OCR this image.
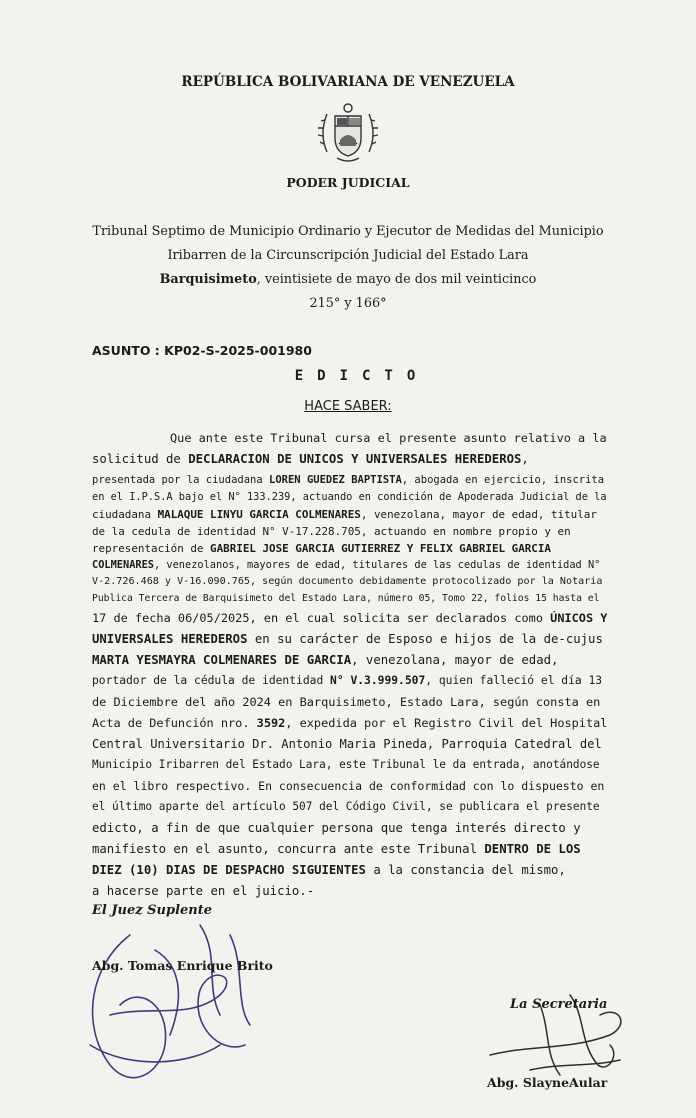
REPÚBLICA BOLIVARIANA DE VENEZUELA
PODER JUDICIAL
Tribunal Septimo de Municipio Ordinario y Ejecutor de Medidas del Municipio
Iribarren de la Circunscripción Judicial del Estado Lara
Barquisimeto, veintisiete de mayo de dos mil veinticinco
215° y 166°
ASUNTO : KP02-S-2025-001980
EDICTO
HACE SABER:
Que ante este Tribunal cursa el presente asunto relativo a la
solicitud de DECLARACION DE UNICOS Y UNIVERSALES HEREDEROS,
presentada por la ciudadana LOREN GUEDEZ BAPTISTA, abogada en ejercicio, inscrita
en el I.P.S.A bajo el N° 133.239, actuando en condición de Apoderada Judicial de la
ciudadana MALAQUE LINYU GARCIA COLMENARES, venezolana, mayor de edad, titular
de la cedula de identidad N° V-17.228.705, actuando en nombre propio y en
representación de GABRIEL JOSE GARCIA GUTIERREZ Y FELIX GABRIEL GARCIA
COLMENARES, venezolanos, mayores de edad, titulares de las cedulas de identidad N°
V-2.726.468 y V-16.090.765, según documento debidamente protocolizado por la Notaria
Publica Tercera de Barquisimeto del Estado Lara, número 05, Tomo 22, folios 15 hasta el
17 de fecha 06/05/2025, en el cual solicita ser declarados como ÚNICOS Y
UNIVERSALES HEREDEROS en su carácter de Esposo e hijos de la de-cujus
MARTA YESMAYRA COLMENARES DE GARCIA, venezolana, mayor de edad,
portador de la cédula de identidad N° V.3.999.507, quien falleció el día 13
de Diciembre del año 2024 en Barquisimeto, Estado Lara, según consta en
Acta de Defunción nro. 3592, expedida por el Registro Civil del Hospital
Central Universitario Dr. Antonio Maria Pineda, Parroquia Catedral del
Municipio Iribarren del Estado Lara, este Tribunal le da entrada, anotándose
en el libro respectivo. En consecuencia de conformidad con lo dispuesto en
el último aparte del artículo 507 del Código Civil, se publicara el presente
edicto, a fin de que cualquier persona que tenga interés directo y
manifiesto en el asunto, concurra ante este Tribunal DENTRO DE LOS
DIEZ (10) DIAS DE DESPACHO SIGUIENTES a la constancia del mismo,
a hacerse parte en el juicio.-
El Juez Suplente
Abg. Tomas Enrique Brito
La Secretaria
Abg. SlayneAular
